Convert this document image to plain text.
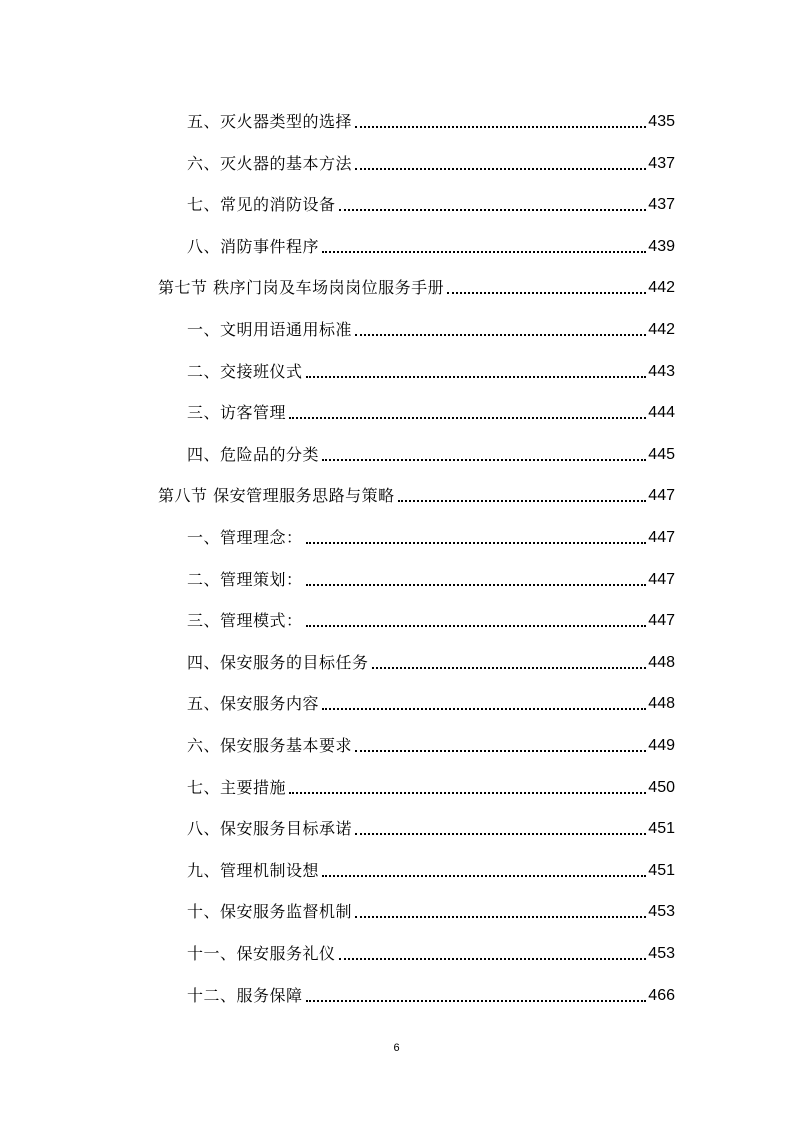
五、灭火器类型的选择	435
六、灭火器的基本方法	437
七、常见的消防设备	437
八、消防事件程序	439
第七节 秩序门岗及车场岗岗位服务手册	442
一、文明用语通用标准	442
二、交接班仪式	443
三、访客管理	444
四、危险品的分类	445
第八节 保安管理服务思路与策略	447
一、管理理念：	447
二、管理策划：	447
三、管理模式：	447
四、保安服务的目标任务	448
五、保安服务内容	448
六、保安服务基本要求	449
七、主要措施	450
八、保安服务目标承诺	451
九、管理机制设想	451
十、保安服务监督机制	453
十一、保安服务礼仪	453
十二、服务保障	466
6
